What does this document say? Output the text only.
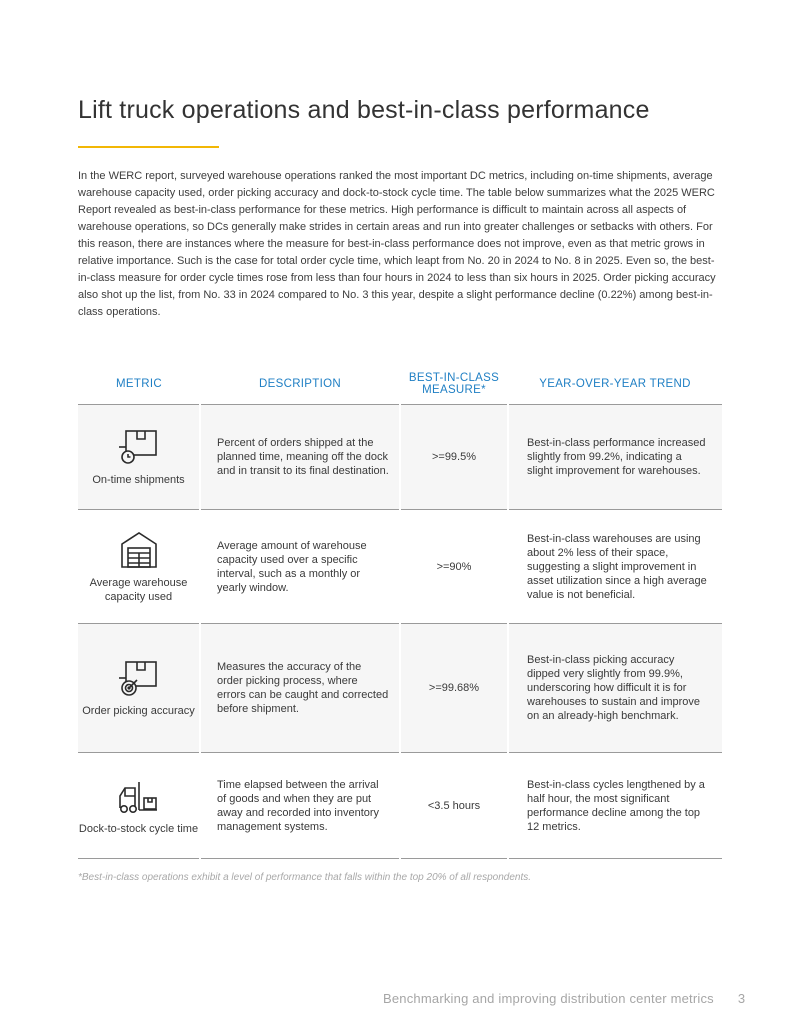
Lift truck operations and best-in-class performance

In the WERC report, surveyed warehouse operations ranked the most important DC metrics, including on-time shipments, average warehouse capacity used, order picking accuracy and dock-to-stock cycle time. The table below summarizes what the 2025 WERC Report revealed as best-in-class performance for these metrics. High performance is difficult to maintain across all aspects of warehouse operations, so DCs generally make strides in certain areas and run into greater challenges or setbacks with others. For this reason, there are instances where the measure for best-in-class performance does not improve, even as that metric grows in relative importance. Such is the case for total order cycle time, which leapt from No. 20 in 2024 to No. 8 in 2025. Even so, the best-in-class measure for order cycle times rose from less than four hours in 2024 to less than six hours in 2025. Order picking accuracy also shot up the list, from No. 33 in 2024 compared to No. 3 this year, despite a slight performance decline (0.22%) among best-in-class operations.

METRIC	DESCRIPTION	BEST-IN-CLASS MEASURE*	YEAR-OVER-YEAR TREND

On-time shipments	Percent of orders shipped at the planned time, meaning off the dock and in transit to its final destination.	>=99.5%	Best-in-class performance increased slightly from 99.2%, indicating a slight improvement for warehouses.

Average warehouse capacity used	Average amount of warehouse capacity used over a specific interval, such as a monthly or yearly window.	>=90%	Best-in-class warehouses are using about 2% less of their space, suggesting a slight improvement in asset utilization since a high average value is not beneficial.

Order picking accuracy	Measures the accuracy of the order picking process, where errors can be caught and corrected before shipment.	>=99.68%	Best-in-class picking accuracy dipped very slightly from 99.9%, underscoring how difficult it is for warehouses to sustain and improve on an already-high benchmark.

Dock-to-stock cycle time	Time elapsed between the arrival of goods and when they are put away and recorded into inventory management systems.	<3.5 hours	Best-in-class cycles lengthened by a half hour, the most significant performance decline among the top 12 metrics.

*Best-in-class operations exhibit a level of performance that falls within the top 20% of all respondents.

Benchmarking and improving distribution center metrics 3
